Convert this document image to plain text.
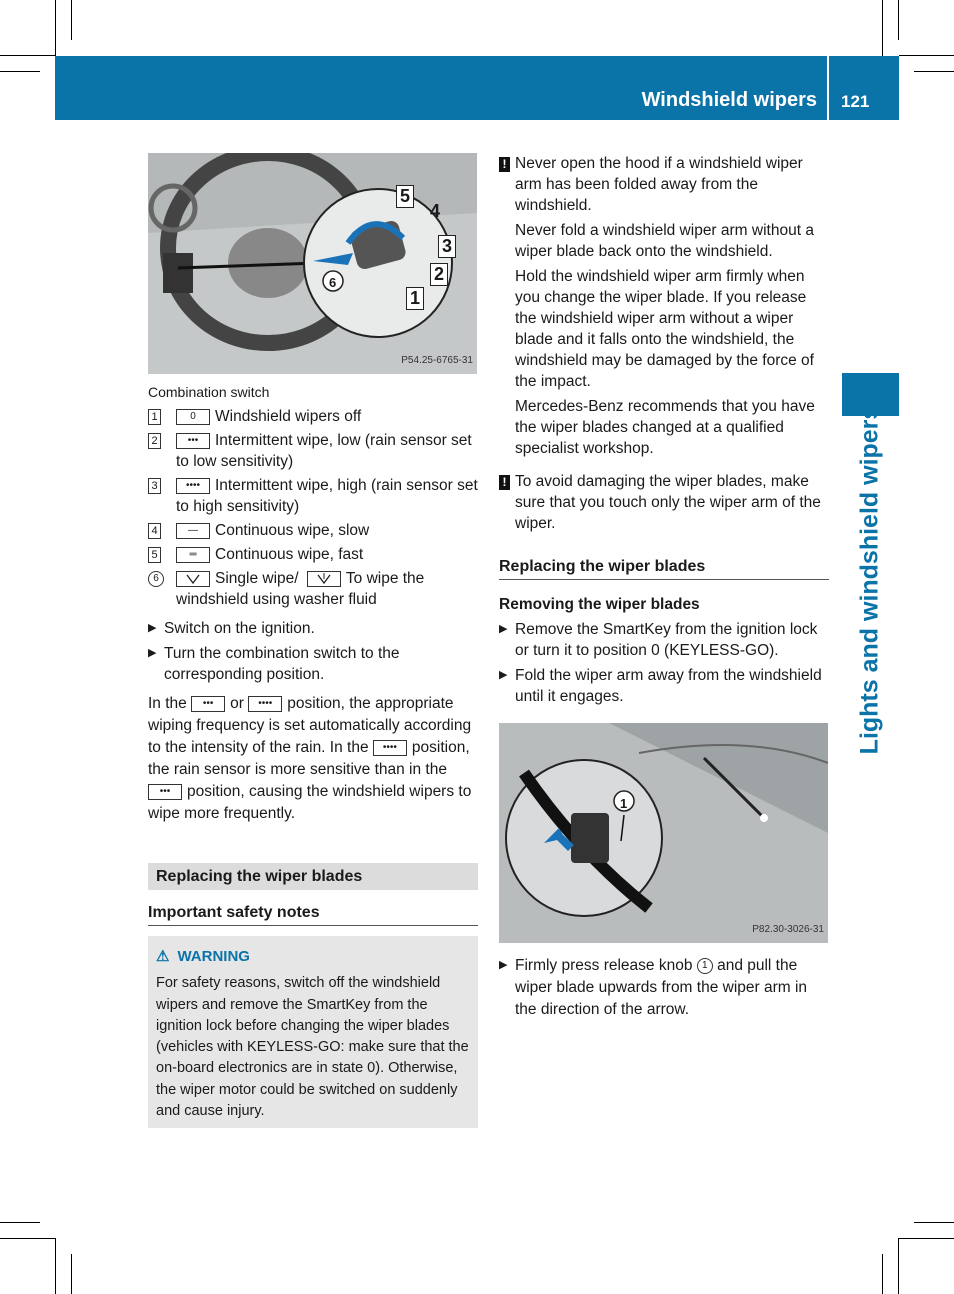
Windshield wipers 121
Lights and windshield wipers
5
4
3
2
1
6
P54.25-6765-31
Combination switch
1	0 Windshield wipers off
2	••• Intermittent wipe, low (rain sensor set to low sensitivity)
3	•••• Intermittent wipe, high (rain sensor set to high sensitivity)
4	— Continuous wipe, slow
5	═ Continuous wipe, fast
6	Single wipe/	To wipe the windshield using washer fluid
▶ Switch on the ignition.
▶ Turn the combination switch to the corresponding position.
In the ••• or •••• position, the appropriate wiping frequency is set automatically according to the intensity of the rain. In the •••• position, the rain sensor is more sensitive than in the ••• position, causing the windshield wipers to wipe more frequently.
Replacing the wiper blades
Important safety notes
⚠ WARNING
For safety reasons, switch off the windshield wipers and remove the SmartKey from the ignition lock before changing the wiper blades (vehicles with KEYLESS-GO: make sure that the on-board electronics are in state 0). Otherwise, the wiper motor could be switched on suddenly and cause injury.
! Never open the hood if a windshield wiper arm has been folded away from the windshield.
Never fold a windshield wiper arm without a wiper blade back onto the windshield.
Hold the windshield wiper arm firmly when you change the wiper blade. If you release the windshield wiper arm without a wiper blade and it falls onto the windshield, the windshield may be damaged by the force of the impact.
Mercedes-Benz recommends that you have the wiper blades changed at a qualified specialist workshop.
! To avoid damaging the wiper blades, make sure that you touch only the wiper arm of the wiper.
Replacing the wiper blades
Removing the wiper blades
▶ Remove the SmartKey from the ignition lock or turn it to position 0 (KEYLESS-GO).
▶ Fold the wiper arm away from the windshield until it engages.
1
P82.30-3026-31
▶ Firmly press release knob 1 and pull the wiper blade upwards from the wiper arm in the direction of the arrow.
